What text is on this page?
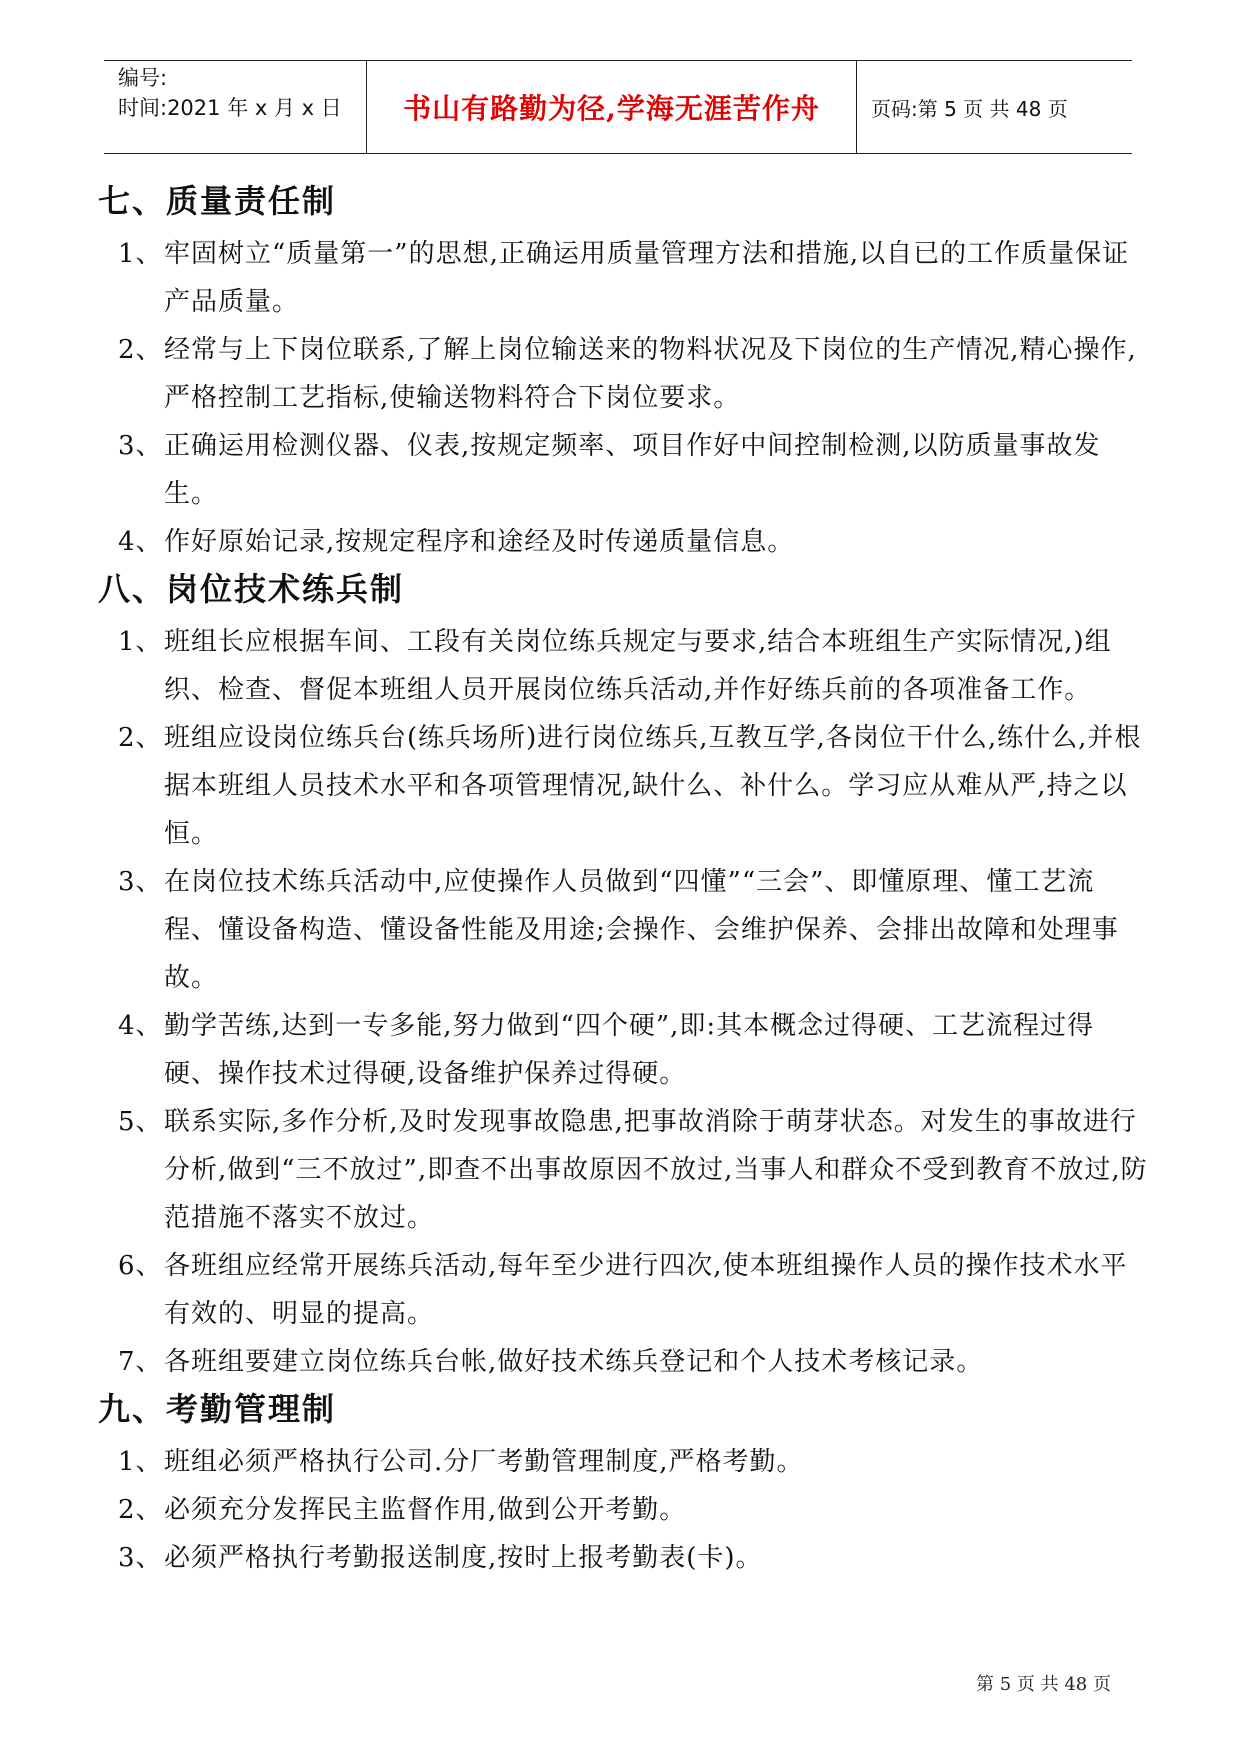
编号:
时间:2021 年 x 月 x 日	书山有路勤为径,学海无涯苦作舟	页码:第 5 页 共 48 页
七、质量责任制
1、 牢固树立“质量第一”的思想,正确运用质量管理方法和措施,以自已的工作质量保证产品质量。
2、 经常与上下岗位联系,了解上岗位输送来的物料状况及下岗位的生产情况,精心操作,严格控制工艺指标,使输送物料符合下岗位要求。
3、 正确运用检测仪器、仪表,按规定频率、项目作好中间控制检测,以防质量事故发生。
4、 作好原始记录,按规定程序和途经及时传递质量信息。
八、岗位技术练兵制
1、 班组长应根据车间、工段有关岗位练兵规定与要求,结合本班组生产实际情况,)组织、检查、督促本班组人员开展岗位练兵活动,并作好练兵前的各项准备工作。
2、 班组应设岗位练兵台(练兵场所)进行岗位练兵,互教互学,各岗位干什么,练什么,并根据本班组人员技术水平和各项管理情况,缺什么、补什么。学习应从难从严,持之以恒。
3、 在岗位技术练兵活动中,应使操作人员做到“四懂”“三会”、即懂原理、懂工艺流程、懂设备构造、懂设备性能及用途;会操作、会维护保养、会排出故障和处理事故。
4、 勤学苦练,达到一专多能,努力做到“四个硬”,即:其本概念过得硬、工艺流程过得硬、操作技术过得硬,设备维护保养过得硬。
5、 联系实际,多作分析,及时发现事故隐患,把事故消除于萌芽状态。对发生的事故进行分析,做到“三不放过”,即查不出事故原因不放过,当事人和群众不受到教育不放过,防范措施不落实不放过。
6、 各班组应经常开展练兵活动,每年至少进行四次,使本班组操作人员的操作技术水平有效的、明显的提高。
7、 各班组要建立岗位练兵台帐,做好技术练兵登记和个人技术考核记录。
九、考勤管理制
1、 班组必须严格执行公司.分厂考勤管理制度,严格考勤。
2、 必须充分发挥民主监督作用,做到公开考勤。
3、 必须严格执行考勤报送制度,按时上报考勤表(卡)。
第 5 页 共 48 页
